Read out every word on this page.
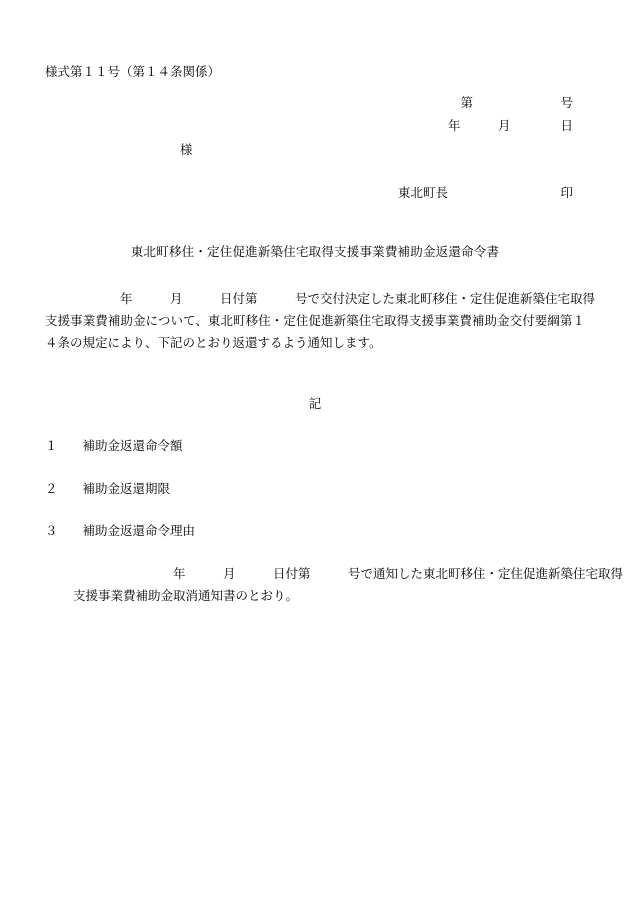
様式第１１号（第１４条関係）
第　　　　　　　号
年　　　月　　　　日
様
東北町長　　　　　　　　　印
東北町移住・定住促進新築住宅取得支援事業費補助金返還命令書
　　　　　　年　　　月　　　日付第　　　号で交付決定した東北町移住・定住促進新築住宅取得支援事業費補助金について、東北町移住・定住促進新築住宅取得支援事業費補助金交付要綱第１４条の規定により、下記のとおり返還するよう通知します。
記
１　　補助金返還命令額
２　　補助金返還期限
３　　補助金返還命令理由
　　　　　　　　年　　　月　　　日付第　　　号で通知した東北町移住・定住促進新築住宅取得支援事業費補助金取消通知書のとおり。
